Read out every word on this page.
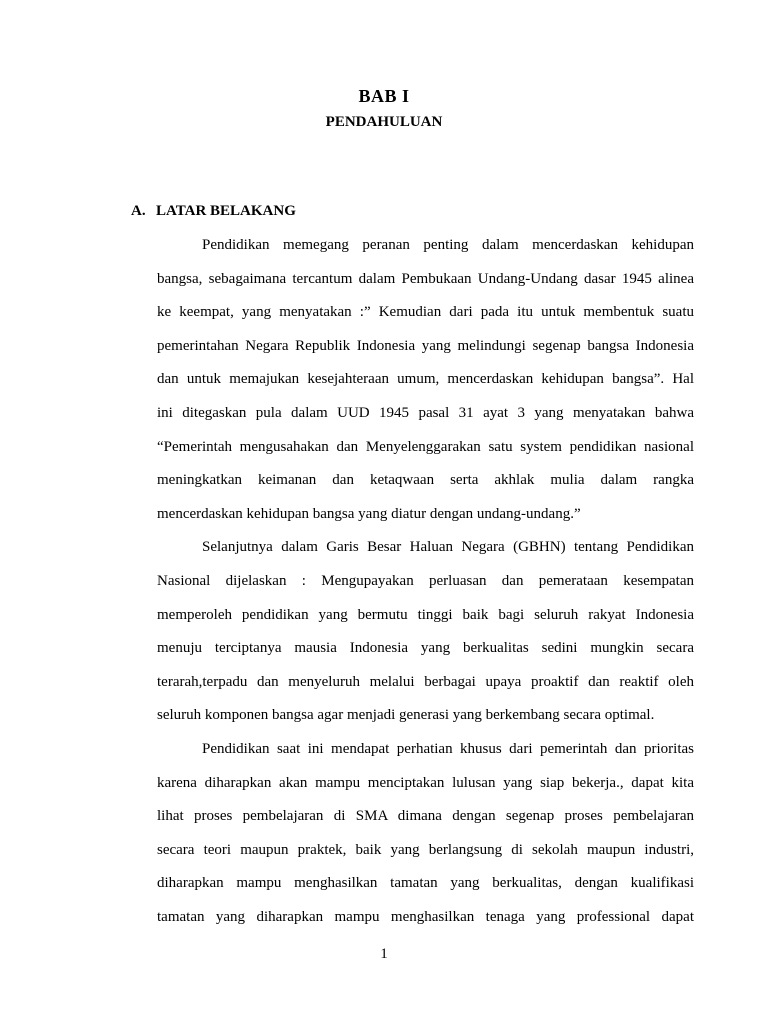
BAB I
PENDAHULUAN
A. LATAR BELAKANG
Pendidikan memegang peranan penting dalam mencerdaskan kehidupan
bangsa, sebagaimana tercantum dalam Pembukaan Undang-Undang dasar 1945 alinea
ke keempat, yang menyatakan :” Kemudian dari pada itu untuk membentuk suatu
pemerintahan Negara Republik Indonesia yang melindungi segenap bangsa Indonesia
dan untuk memajukan kesejahteraan umum, mencerdaskan kehidupan bangsa”. Hal
ini ditegaskan pula dalam UUD 1945 pasal 31 ayat 3 yang menyatakan bahwa
“Pemerintah mengusahakan dan Menyelenggarakan satu system pendidikan nasional
meningkatkan keimanan dan ketaqwaan serta akhlak mulia dalam rangka
mencerdaskan kehidupan bangsa yang diatur dengan undang-undang.”
Selanjutnya dalam Garis Besar Haluan Negara (GBHN) tentang Pendidikan
Nasional dijelaskan : Mengupayakan perluasan dan pemerataan kesempatan
memperoleh pendidikan yang bermutu tinggi baik bagi seluruh rakyat Indonesia
menuju terciptanya mausia Indonesia yang berkualitas sedini mungkin secara
terarah,terpadu dan menyeluruh melalui berbagai upaya proaktif dan reaktif oleh
seluruh komponen bangsa agar menjadi generasi yang berkembang secara optimal.
Pendidikan saat ini mendapat perhatian khusus dari pemerintah dan prioritas
karena diharapkan akan mampu menciptakan lulusan yang siap bekerja., dapat kita
lihat proses pembelajaran di SMA dimana dengan segenap proses pembelajaran
secara teori maupun praktek, baik yang berlangsung di sekolah maupun industri,
diharapkan mampu menghasilkan tamatan yang berkualitas, dengan kualifikasi
tamatan yang diharapkan mampu menghasilkan tenaga yang professional dapat
1
